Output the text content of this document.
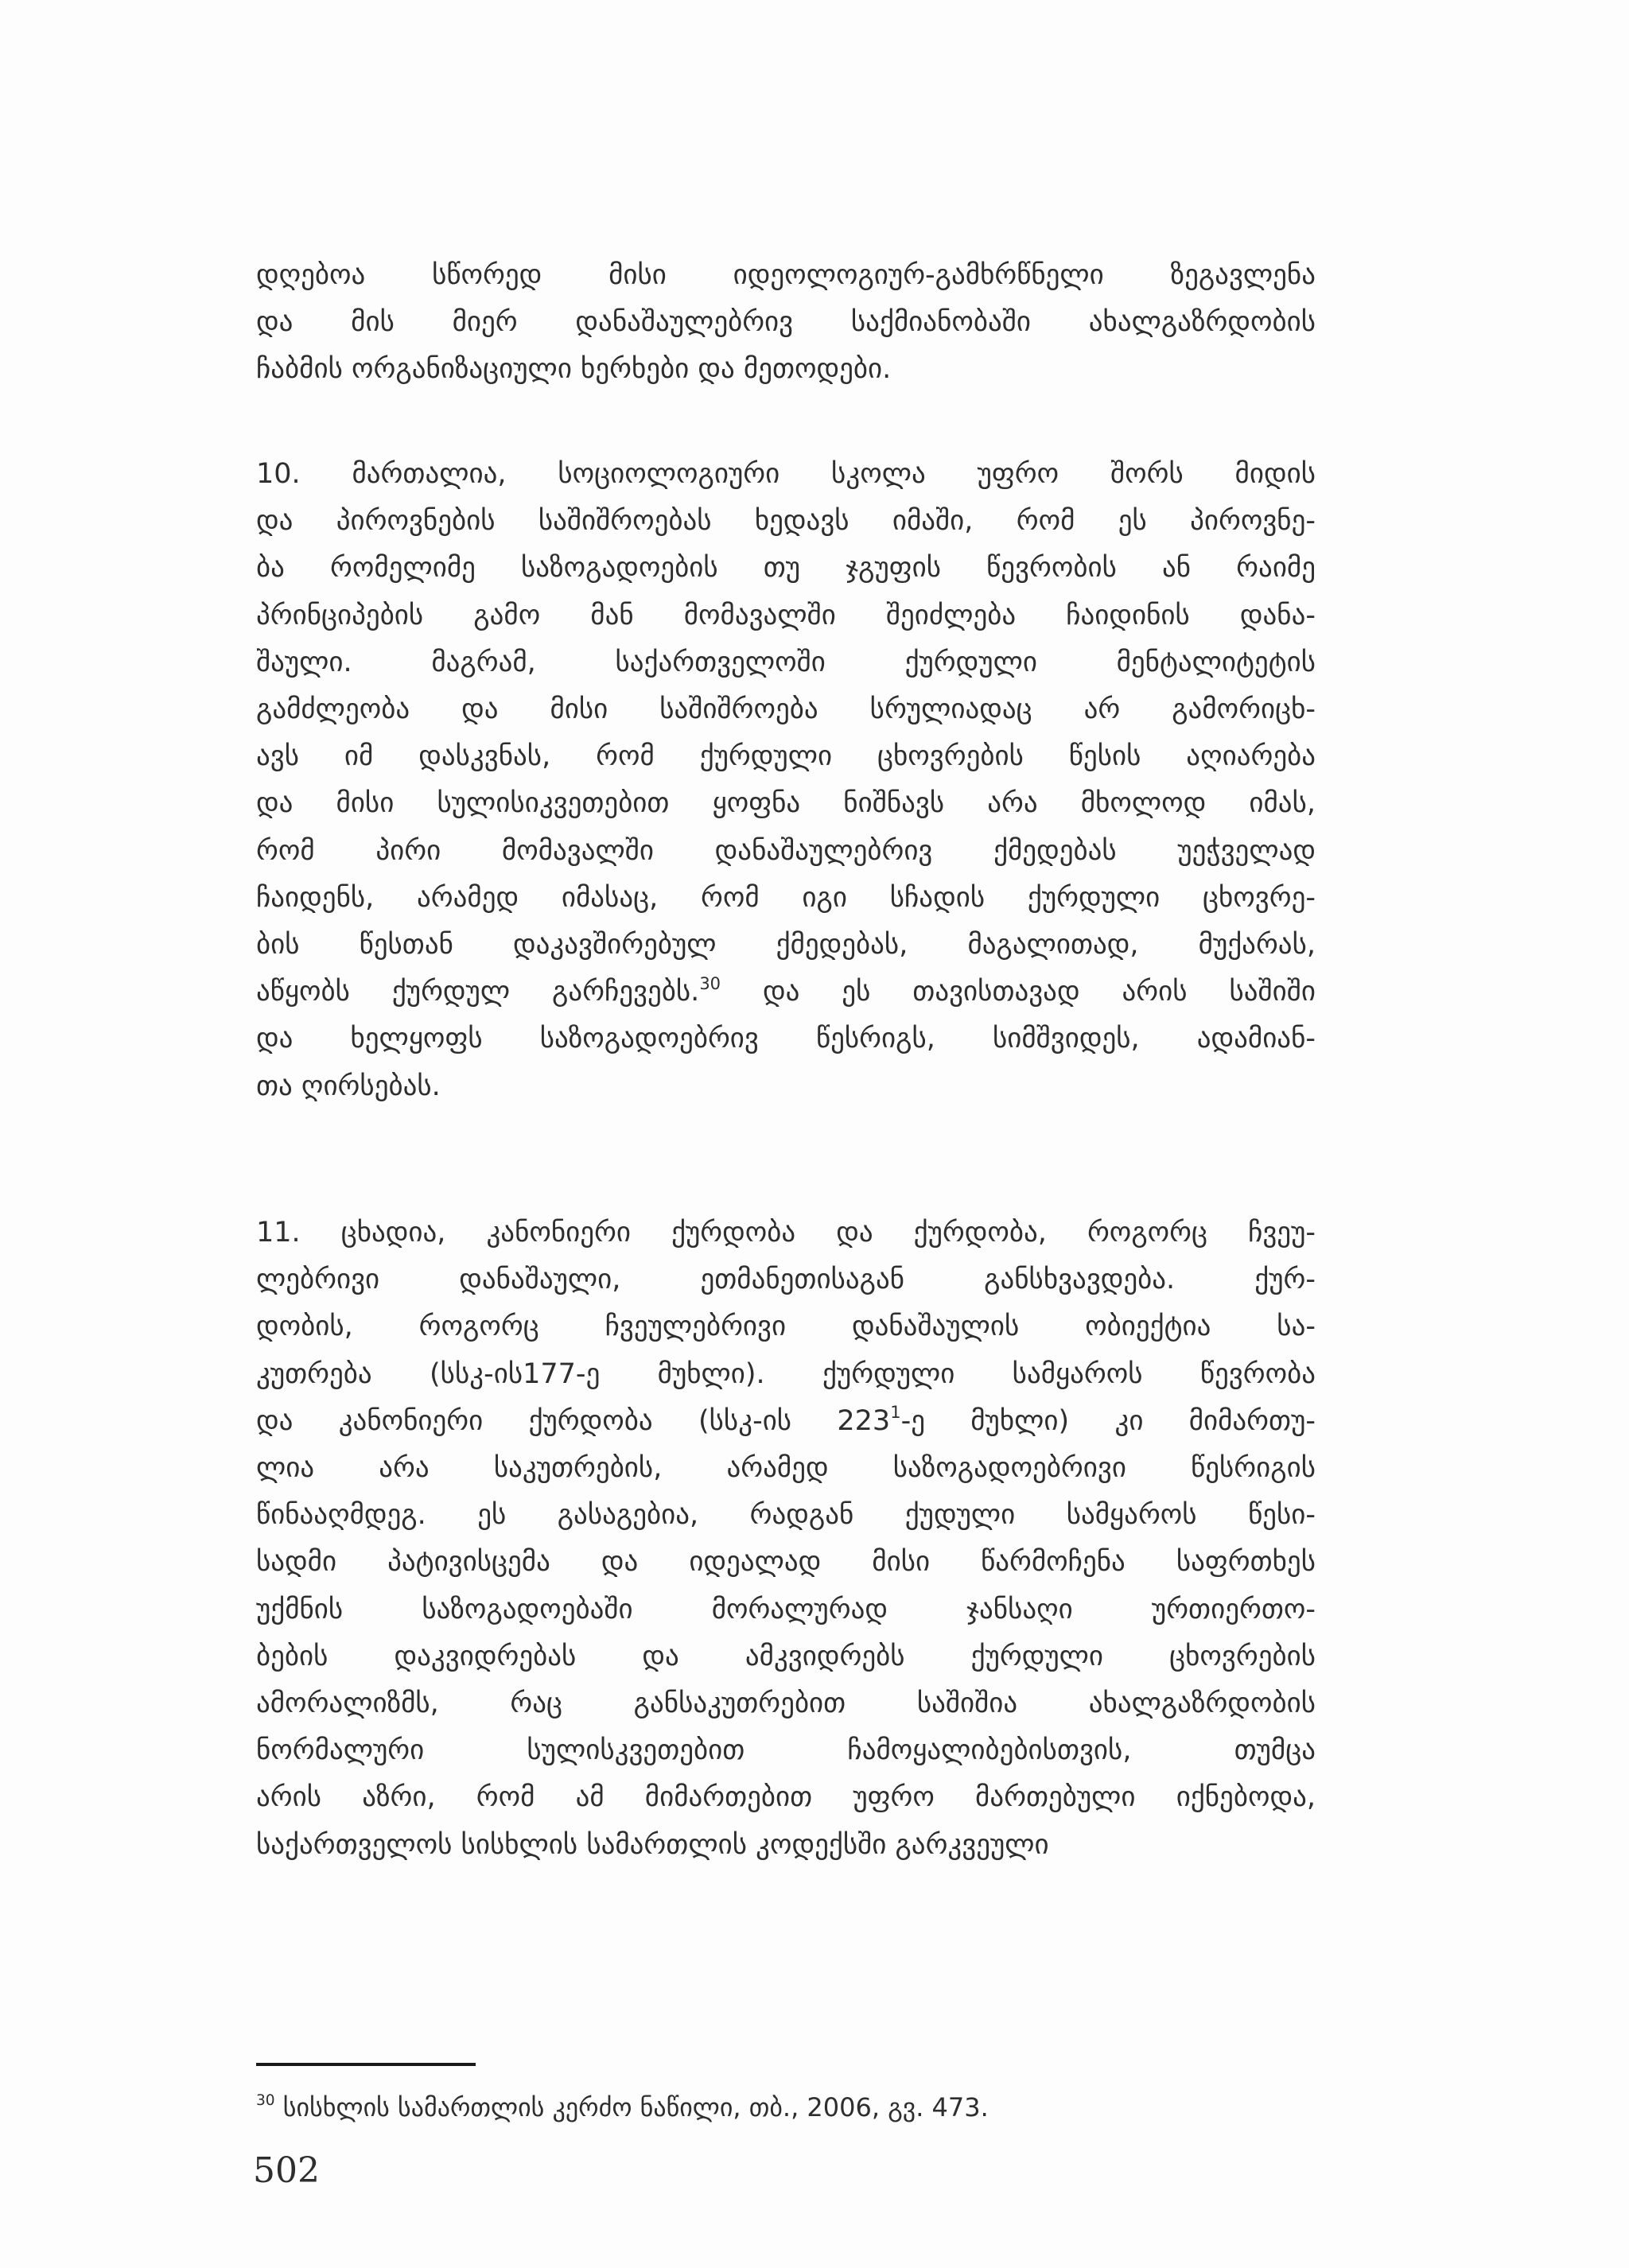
დღებოა სწორედ მისი იდეოლოგიურ-გამხრწნელი ზეგავლენა
და მის მიერ დანაშაულებრივ საქმიანობაში ახალგაზრდობის
ჩაბმის ორგანიზაციული ხერხები და მეთოდები.
10. მართალია, სოციოლოგიური სკოლა უფრო შორს მიდის
და პიროვნების საშიშროებას ხედავს იმაში, რომ ეს პიროვნე-
ბა რომელიმე საზოგადოების თუ ჯგუფის წევრობის ან რაიმე
პრინციპების გამო მან მომავალში შეიძლება ჩაიდინის დანა-
შაული. მაგრამ, საქართველოში ქურდული მენტალიტეტის
გამძლეობა და მისი საშიშროება სრულიადაც არ გამორიცხ-
ავს იმ დასკვნას, რომ ქურდული ცხოვრების წესის აღიარება
და მისი სულისიკვეთებით ყოფნა ნიშნავს არა მხოლოდ იმას,
რომ პირი მომავალში დანაშაულებრივ ქმედებას უეჭველად
ჩაიდენს, არამედ იმასაც, რომ იგი სჩადის ქურდული ცხოვრე-
ბის წესთან დაკავშირებულ ქმედებას, მაგალითად, მუქარას,
აწყობს ქურდულ გარჩევებს.$^{30}$ და ეს თავისთავად არის საშიში
და ხელყოფს საზოგადოებრივ წესრიგს, სიმშვიდეს, ადამიან-
თა ღირსებას.
11. ცხადია, კანონიერი ქურდობა და ქურდობა, როგორც ჩვეუ-
ლებრივი დანაშაული, ეთმანეთისაგან განსხვავდება. ქურ-
დობის, როგორც ჩვეულებრივი დანაშაულის ობიექტია სა-
კუთრება (სსკ-ის177-ე მუხლი). ქურდული სამყაროს წევრობა
და კანონიერი ქურდობა (სსკ-ის $223^1-ე$ მუხლი) კი მიმართუ-
ლია არა საკუთრების, არამედ საზოგადოებრივი წესრიგის
წინააღმდეგ. ეს გასაგებია, რადგან ქუდული სამყაროს წესი-
სადმი პატივისცემა და იდეალად მისი წარმოჩენა საფრთხეს
უქმნის საზოგადოებაში მორალურად ჯანსაღი ურთიერთო-
ბების დაკვიდრებას და ამკვიდრებს ქურდული ცხოვრების
ამორალიზმს, რაც განსაკუთრებით საშიშია ახალგაზრდობის
ნორმალური სულისკვეთებით ჩამოყალიბებისთვის, თუმცა
არის აზრი, რომ ამ მიმართებით უფრო მართებული იქნებოდა,
საქართველოს სისხლის სამართლის კოდექსში გარკვეული
$^{30}$ სისხლის სამართლის კერძო ნაწილი, თბ., 2006, გვ. 473.
502
